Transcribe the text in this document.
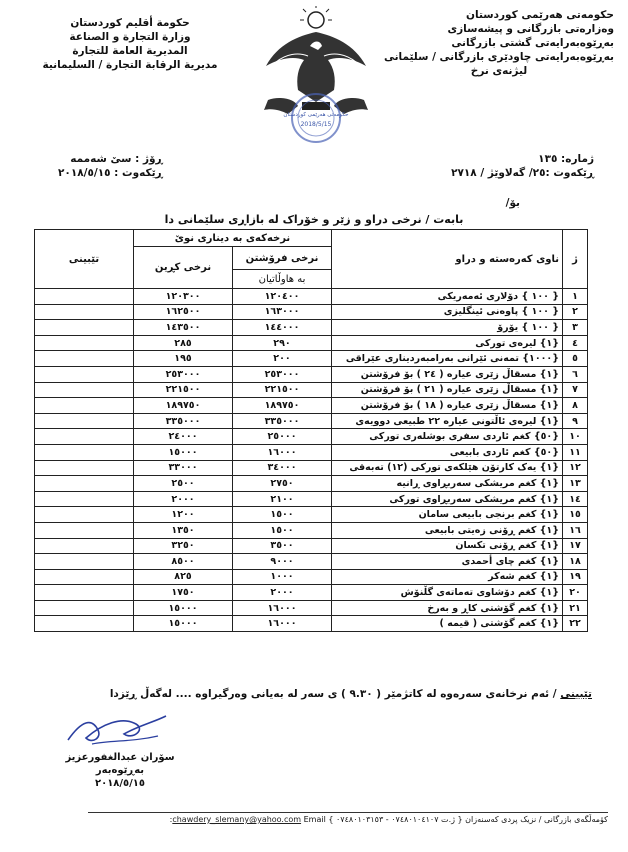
حکومەتی هەرێمی کوردستان
وەزارەتی بازرگانی و پیشەسازی
بەڕێوەبەرایەتی گشتی بازرگانی
بەڕێوەبەرایەتی چاودێری بازرگانی / سلێمانی
لیژنەی نرخ
حکومەتی هەرێمی کوردستان
2018/5/15
حكومة أقليم كوردستان
وزارة التجارة و الصناعة
المديرية العامة للتجارة
مديرية الرقابة التجارة / السليمانية
ژمارە: ١٣٥
ڕێکەوت :٢٥/ گەلاوێژ / ٢٧١٨
ڕۆژ : سێ شەممە
ڕێکەوت : ٢٠١٨/٥/١٥
بۆ/
بابەت / نرخی دراو و زێر و خۆراک لە بازاڕی سلێمانی دا
ژ	ناوی کەرەستە و دراو	نرخەکەی بە دیناری نوێ		تێبینی
		نرخی فرۆشتن	نرخی کڕین	
		بە هاوڵاتیان		
١	{ ١٠٠ } دۆلاری ئەمەریکی	١٢٠٤٠٠	١٢٠٣٠٠	
٢	{ ١٠٠ } پاوەنی ئینگلیزی	١٦٣٠٠٠	١٦٢٥٠٠	
٣	{ ١٠٠ } یۆرۆ	١٤٤٠٠٠	١٤٣٥٠٠	
٤	{١} لیرەی تورکی	٢٩٠	٢٨٥	
٥	{١٠٠٠} تمەنی ئێرانی بەرامبەردیناری عێراقی	٢٠٠	١٩٥	
٦	{١} مسقاڵ زێری عیارە ( ٢٤ ) بۆ فرۆشتن	٢٥٣٠٠٠	٢٥٣٠٠٠	
٧	{١} مسقاڵ زێری عیارە ( ٢١ ) بۆ فرۆشتن	٢٢١٥٠٠	٢٢١٥٠٠	
٨	{١} مسقاڵ زێری عیارە ( ١٨ ) بۆ فرۆشتن	١٨٩٧٥٠	١٨٩٧٥٠	
٩	{١} لیرەی ئاڵتونی عیارە ٢٢ طبیعی دوویەی	٣٣٥٠٠٠	٣٣٥٠٠٠	
١٠	{٥٠} کغم ئاردی سفری بوشلەری تورکی	٢٥٠٠٠	٢٤٠٠٠	
١١	{٥٠} کغم ئاردی بابیعی	١٦٠٠٠	١٥٠٠٠	
١٢	{١} یەک کارتۆن هێلکەی تورکی (١٢) تەبەقی	٣٤٠٠٠	٣٣٠٠٠	
١٣	{١} کغم مریشکی سەربڕاوی ڕانیە	٢٧٥٠	٢٥٠٠	
١٤	{١} کغم مریشکی سەربڕاوی تورکی	٢١٠٠	٢٠٠٠	
١٥	{١} کغم برنجی بابیعی سامان	١٥٠٠	١٢٠٠	
١٦	{١} کغم ڕۆنی زەیتی بابیعی	١٥٠٠	١٣٥٠	
١٧	{١} کغم ڕۆنی تکسان	٣٥٠٠	٣٢٥٠	
١٨	{١} کغم چای أحمدی	٩٠٠٠	٨٥٠٠	
١٩	{١} کغم شەکر	١٠٠٠	٨٢٥	
٢٠	{١} کغم دۆشاوی تەماتەی گڵنۆش	٢٠٠٠	١٧٥٠	
٢١	{١} کغم گۆشتی کاڕ و بەرخ	١٦٠٠٠	١٥٠٠٠	
٢٢	{١} کغم گۆشتی ( قیمە )	١٦٠٠٠	١٥٠٠٠	
تێبینی / ئەم نرخانەی سەرەوە لە کاتژمێر ( ٩.٣٠ ) ی سەر لە بەیانی وەرگیراوە .... لەگەڵ ڕێزدا
سۆران عبدالغفورعزیز
بەڕێوەبەر
٢٠١٨/٥/١٥
کۆمەڵگەی بازرگانی / نزیک پردی کەسنەزان { ژ.ت ٠٧٤٨٠١٠٤١٠٧ - ٠٧٤٨٠١٠٣١٥٣ } chawdery_slemany@yahoo.com Email:
